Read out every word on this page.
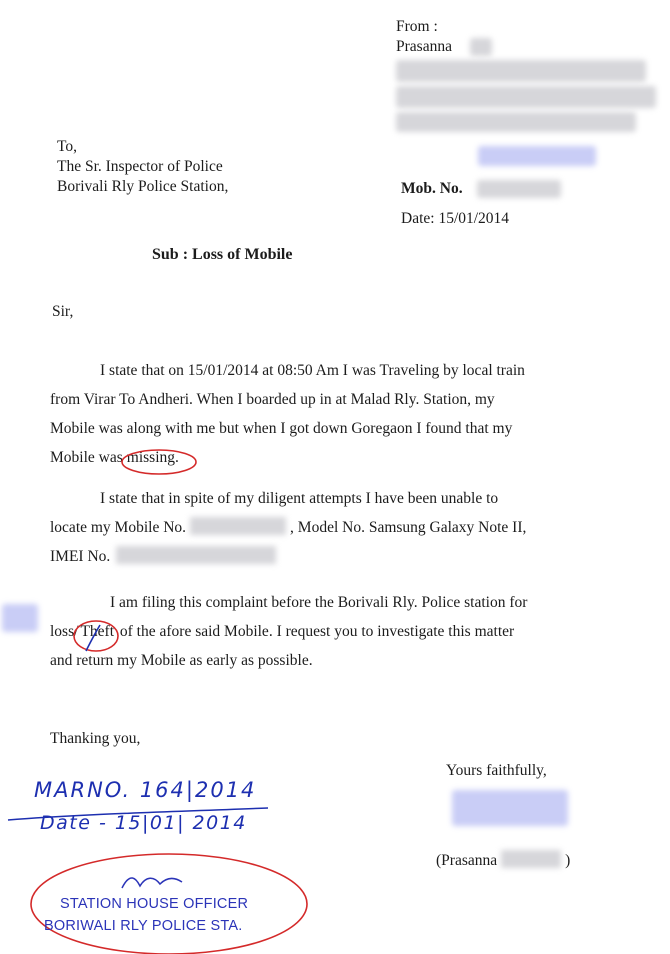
From :
Prasanna
To,
The Sr. Inspector of Police
Borivali Rly Police Station,	Mob. No.
Date: 15/01/2014
Sub : Loss of Mobile
Sir,
I state that on 15/01/2014 at 08:50 Am I was Traveling by local train
from Virar To Andheri. When I boarded up in at Malad Rly. Station, my
Mobile was along with me but when I got down Goregaon I found that my
Mobile was missing.
I state that in spite of my diligent attempts I have been unable to
locate my Mobile No.	, Model No. Samsung Galaxy Note II,
IMEI No.
I am filing this complaint before the Borivali Rly. Police station for
loss/ Theft
of the afore said Mobile. I request you to investigate this matter
and return my Mobile as early as possible.
Thanking you,
Yours faithfully,
(Prasanna	)
MARNO. 164|2014
Date - 15|01| 2014
STATION HOUSE OFFICER
BORIWALI RLY POLICE STA.
